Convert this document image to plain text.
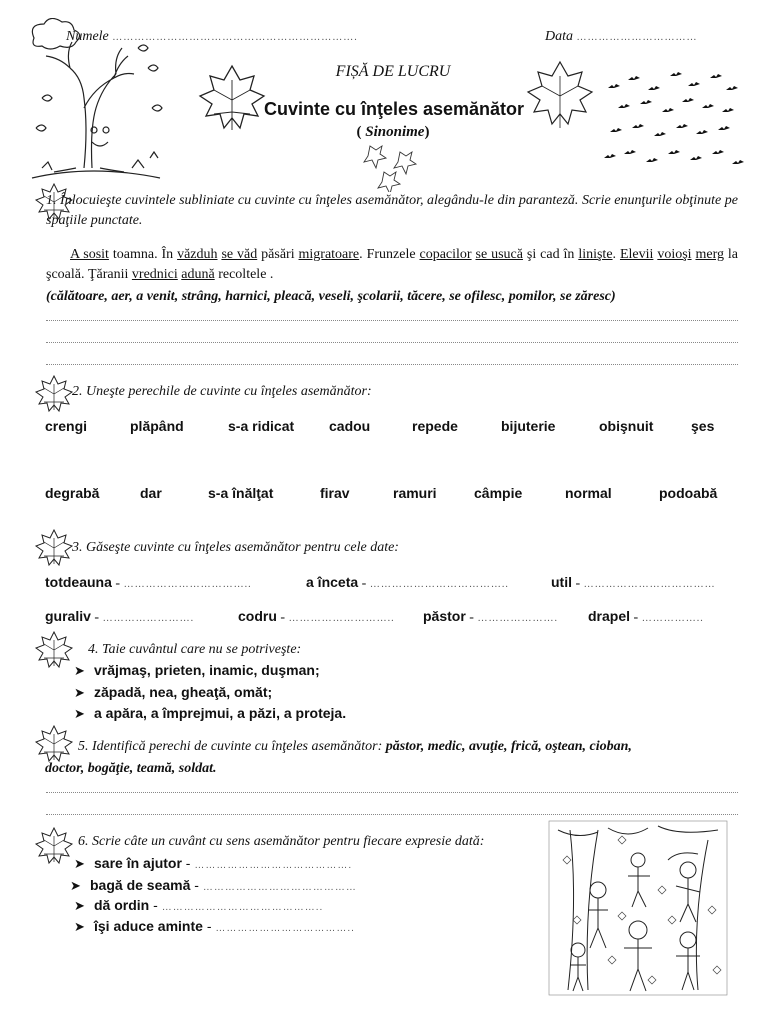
Numele ………………………………………………………….	Data ……………………………
FIȘĂ DE LUCRU
Cuvinte cu înţeles asemănător
( Sinonime)
1. Înlocuieşte cuvintele subliniate cu cuvinte cu înţeles asemănător, alegându-le din paranteză. Scrie enunţurile obţinute pe spaţiile punctate.
A sosit toamna. În văzduh se văd păsări migratoare. Frunzele copacilor se usucă şi cad în linişte. Elevii voioşi merg la şcoală. Ţăranii vrednici adună recoltele .
(călătoare, aer, a venit, strâng, harnici, pleacă, veseli, şcolarii, tăcere, se ofilesc, pomilor, se zăresc)
2. Uneşte perechile de cuvinte cu înţeles asemănător:
crengi	plăpând	s-a ridicat cadou	repede	bijuterie	obişnuit	şes
degrabă	dar	s-a înălţat	firav	ramuri	câmpie	normal	podoabă
3. Găseşte cuvinte cu înţeles asemănător pentru cele date:
totdeauna - ……………………………..	a înceta - ………………………………..	util - ………………………………
guraliv - …………………….	codru - ……………………….. păstor - …………………. drapel - ……………..
4. Taie cuvântul care nu se potriveşte:
➤ vrăjmaş, prieten, inamic, duşman;
➤ zăpadă, nea, gheaţă, omăt;
➤ a apăra, a împrejmui, a păzi, a proteja.
5. Identifică perechi de cuvinte cu înţeles asemănător: păstor, medic, avuţie, frică, oştean, cioban,
doctor, bogăţie, teamă, soldat.
6. Scrie câte un cuvânt cu sens asemănător pentru fiecare expresie dată:
➤ sare în ajutor - …………………………………….
➤ bagă de seamă - ……………………………………
➤ dă ordin - ……………………………………..
➤ îşi aduce aminte - ………………………………..
